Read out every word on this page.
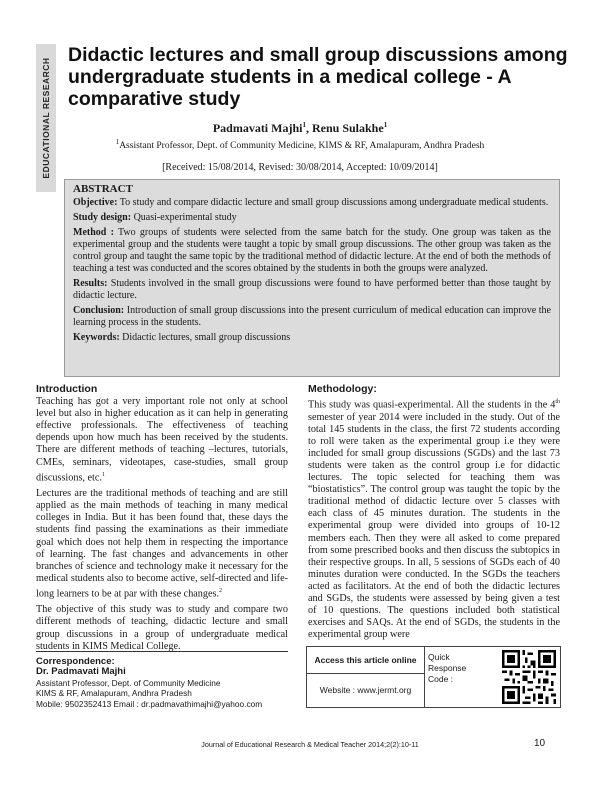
EDUCATIONAL RESEARCH
Didactic lectures and small group discussions among undergraduate students in a medical college - A comparative study
Padmavati Majhi$^1$, Renu Sulakhe$^1$
$^1$Assistant Professor, Dept. of Community Medicine, KIMS & RF, Amalapuram, Andhra Pradesh
[Received: 15/08/2014, Revised: 30/08/2014, Accepted: 10/09/2014]
ABSTRACT

Objective: To study and compare didactic lecture and small group discussions among undergraduate medical students.

Study design: Quasi-experimental study

Method : Two groups of students were selected from the same batch for the study. One group was taken as the experimental group and the students were taught a topic by small group discussions. The other group was taken as the control group and taught the same topic by the traditional method of didactic lecture. At the end of both the methods of teaching a test was conducted and the scores obtained by the students in both the groups were analyzed.

Results: Students involved in the small group discussions were found to have performed better than those taught by didactic lecture.

Conclusion: Introduction of small group discussions into the present curriculum of medical education can improve the learning process in the students.

Keywords: Didactic lectures, small group discussions

Introduction

Teaching has got a very important role not only at school level but also in higher education as it can help in generating effective professionals. The effectiveness of teaching depends upon how much has been received by the students. There are different methods of teaching –lectures, tutorials, CMEs, seminars, videotapes, case-studies, small group discussions, etc.$^1$

Lectures are the traditional methods of teaching and are still applied as the main methods of teaching in many medical colleges in India. But it has been found that, these days the students find passing the examinations as their immediate goal which does not help them in respecting the importance of learning. The fast changes and advancements in other branches of science and technology make it necessary for the medical students also to become active, self-directed and life-long learners to be at par with these changes.$^2$

The objective of this study was to study and compare two different methods of teaching, didactic lecture and small group discussions in a group of undergraduate medical students in KIMS Medical College.

Methodology:

This study was quasi-experimental. All the students in the 4th semester of year 2014 were included in the study. Out of the total 145 students in the class, the first 72 students according to roll were taken as the experimental group i.e they were included for small group discussions (SGDs) and the last 73 students were taken as the control group i.e for didactic lectures. The topic selected for teaching them was “biostatistics”. The control group was taught the topic by the traditional method of didactic lecture over 5 classes with each class of 45 minutes duration. The students in the experimental group were divided into groups of 10-12 members each. Then they were all asked to come prepared from some prescribed books and then discuss the subtopics in their respective groups. In all, 5 sessions of SGDs each of 40 minutes duration were conducted. In the SGDs the teachers acted as facilitators. At the end of both the didactic lectures and SGDs, the students were assessed by being given a test of 10 questions. The questions included both statistical exercises and SAQs. At the end of SGDs, the students in the experimental group were

Correspondence:
Dr. Padmavati Majhi
Assistant Professor, Dept. of Community Medicine
KIMS & RF, Amalapuram, Andhra Pradesh
Mobile: 9502352413 Email : dr.padmavathimajhi@yahoo.com
Access this article online
Website : www.jermt.org
Quick Response Code :
Journal of Educational Research & Medical Teacher 2014;2(2):10-11	10
